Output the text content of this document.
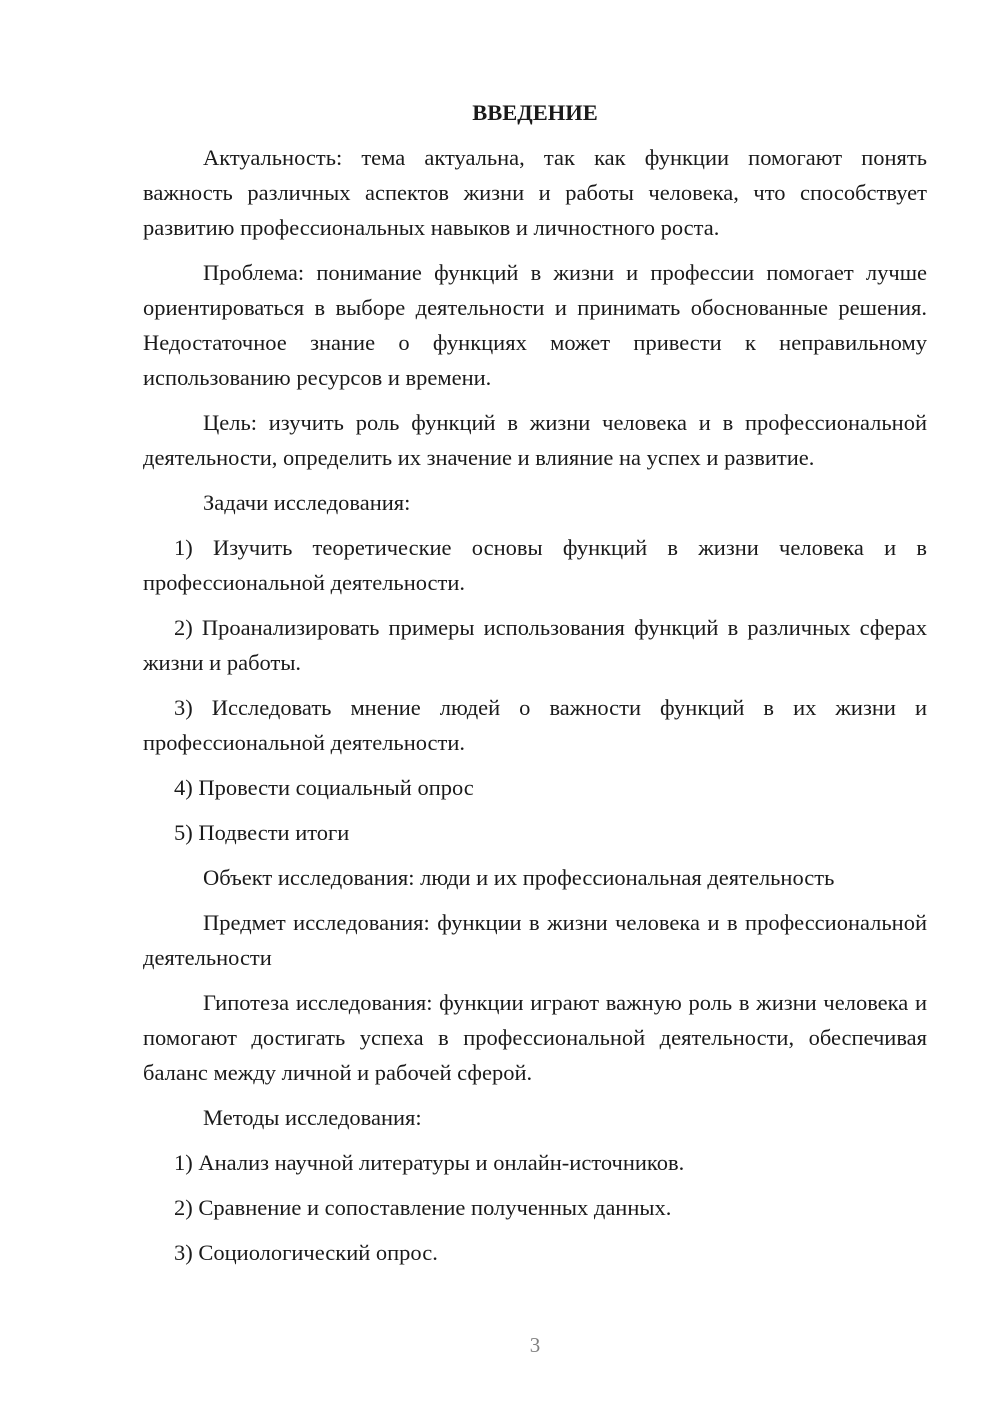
ВВЕДЕНИЕ
Актуальность: тема актуальна, так как функции помогают понять важность различных аспектов жизни и работы человека, что способствует развитию профессиональных навыков и личностного роста.
Проблема: понимание функций в жизни и профессии помогает лучше ориентироваться в выборе деятельности и принимать обоснованные решения. Недостаточное знание о функциях может привести к неправильному использованию ресурсов и времени.
Цель: изучить роль функций в жизни человека и в профессиональной деятельности, определить их значение и влияние на успех и развитие.
Задачи исследования:
1) Изучить теоретические основы функций в жизни человека и в профессиональной деятельности.
2) Проанализировать примеры использования функций в различных сферах жизни и работы.
3) Исследовать мнение людей о важности функций в их жизни и профессиональной деятельности.
4) Провести социальный опрос
5) Подвести итоги
Объект исследования: люди и их профессиональная деятельность
Предмет исследования: функции в жизни человека и в профессиональной деятельности
Гипотеза исследования: функции играют важную роль в жизни человека и помогают достигать успеха в профессиональной деятельности, обеспечивая баланс между личной и рабочей сферой.
Методы исследования:
1) Анализ научной литературы и онлайн-источников.
2) Сравнение и сопоставление полученных данных.
3) Социологический опрос.
3
